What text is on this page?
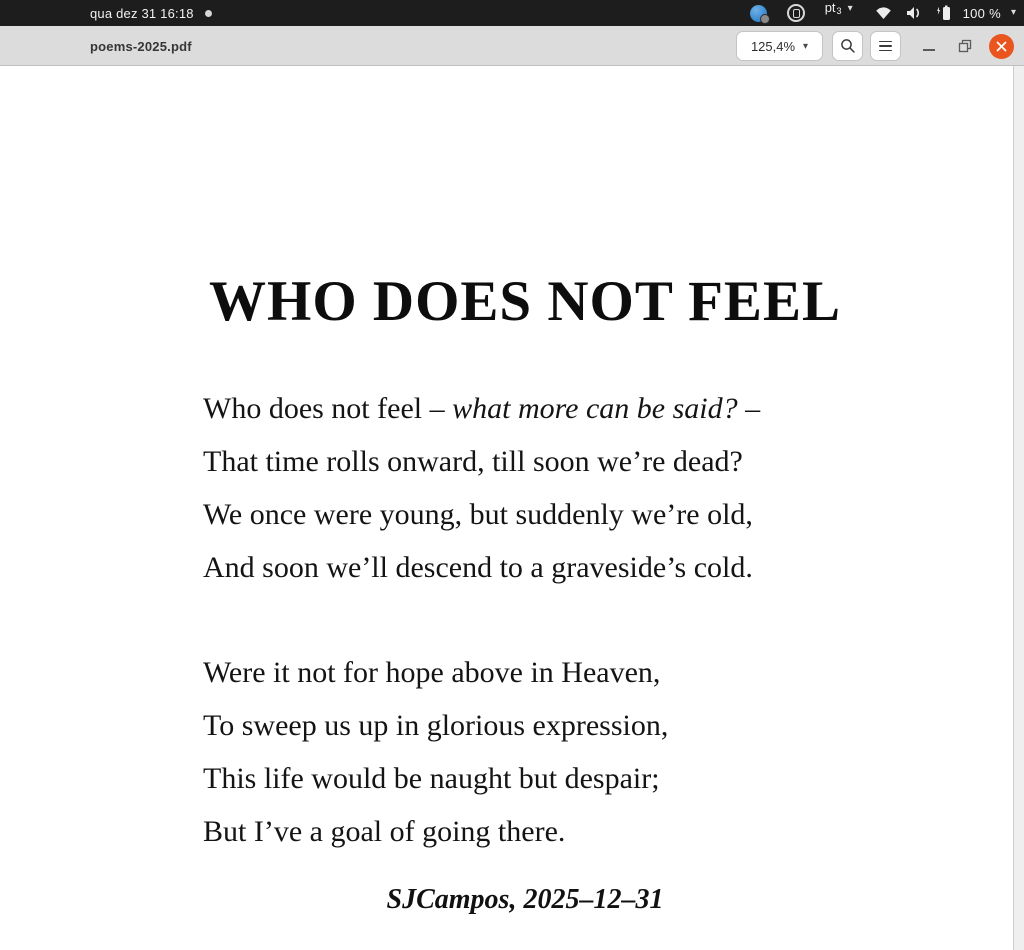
qua dez 31 16:18	pt 3 ▾	100 % ▾
poems-2025.pdf	125,4% ▾
WHO DOES NOT FEEL
Who does not feel – what more can be said? –
That time rolls onward, till soon we’re dead?
We once were young, but suddenly we’re old,
And soon we’ll descend to a graveside’s cold.
Were it not for hope above in Heaven,
To sweep us up in glorious expression,
This life would be naught but despair;
But I’ve a goal of going there.
SJCampos, 2025–12–31
